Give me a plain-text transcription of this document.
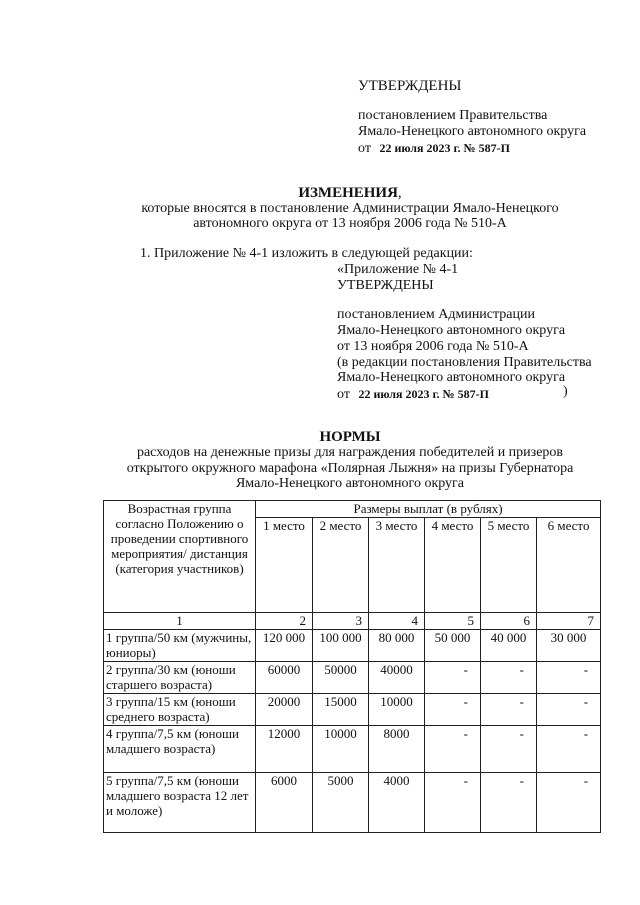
УТВЕРЖДЕНЫ
постановлением Правительства
Ямало-Ненецкого автономного округа
от 22 июля 2023 г. № 587-П
ИЗМЕНЕНИЯ,
которые вносятся в постановление Администрации Ямало-Ненецкого
автономного округа от 13 ноября 2006 года № 510-А
1. Приложение № 4-1 изложить в следующей редакции:
«Приложение № 4-1
УТВЕРЖДЕНЫ
постановлением Администрации
Ямало-Ненецкого автономного округа
от 13 ноября 2006 года № 510-А
(в редакции постановления Правительства
Ямало-Ненецкого автономного округа
от 22 июля 2023 г. № 587-П	)
НОРМЫ
расходов на денежные призы для награждения победителей и призеров
открытого окружного марафона «Полярная Лыжня» на призы Губернатора
Ямало-Ненецкого автономного округа
Возрастная группа согласно Положению о проведении спортивного мероприятия/ дистанция (категория участников)	Размеры выплат (в рублях)					
	1 место	2 место	3 место	4 место	5 место	6 место
1	2	3	4	5	6	7
1 группа/50 км (мужчины, юниоры)	120 000	100 000	80 000	50 000	40 000	30 000
2 группа/30 км (юноши старшего возраста)	60000	50000	40000	-	-	-
3 группа/15 км (юноши среднего возраста)	20000	15000	10000	-	-	-
4 группа/7,5 км (юноши младшего возраста)	12000	10000	8000	-	-	-
5 группа/7,5 км (юноши младшего возраста 12 лет и моложе)	6000	5000	4000	-	-	-
